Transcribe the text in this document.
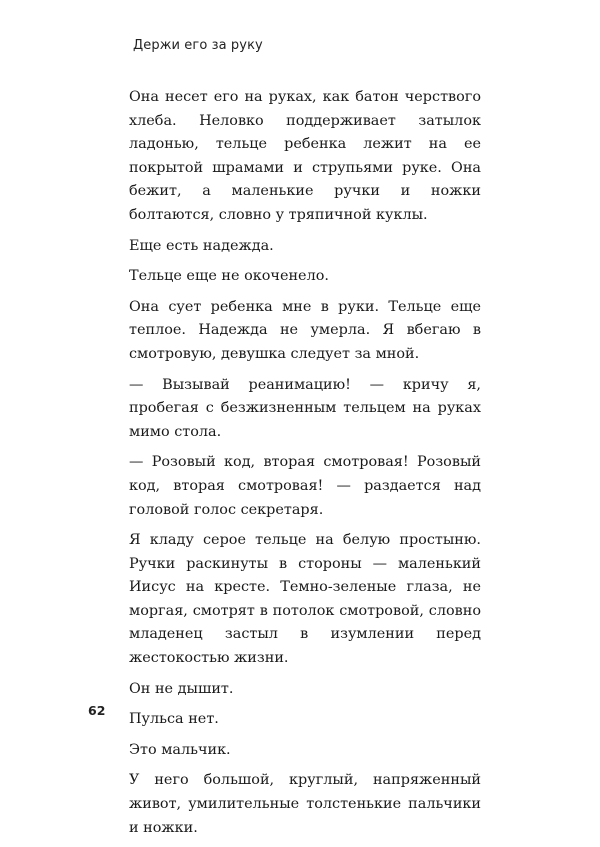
Держи его за руку

Она несет его на руках, как батон черствого хлеба. Неловко поддерживает затылок ладонью, тельце ребенка лежит на ее покрытой шрамами и струпьями руке. Она бежит, а маленькие ручки и ножки болтаются, словно у тряпичной куклы.

Еще есть надежда.

Тельце еще не окоченело.

Она сует ребенка мне в руки. Тельце еще теплое. Надежда не умерла. Я вбегаю в смотровую, девушка следует за мной.

— Вызывай реанимацию! — кричу я, пробегая с безжизненным тельцем на руках мимо стола.

— Розовый код, вторая смотровая! Розовый код, вторая смотровая! — раздается над головой голос секретаря.

Я кладу серое тельце на белую простыню. Ручки раскинуты в стороны — маленький Иисус на кресте. Темно-зеленые глаза, не моргая, смотрят в потолок смотровой, словно младенец застыл в изумлении перед жестокостью жизни.

Он не дышит.

Пульса нет.

Это мальчик.

У него большой, круглый, напряженный живот, умилительные толстенькие пальчики и ножки.

62
